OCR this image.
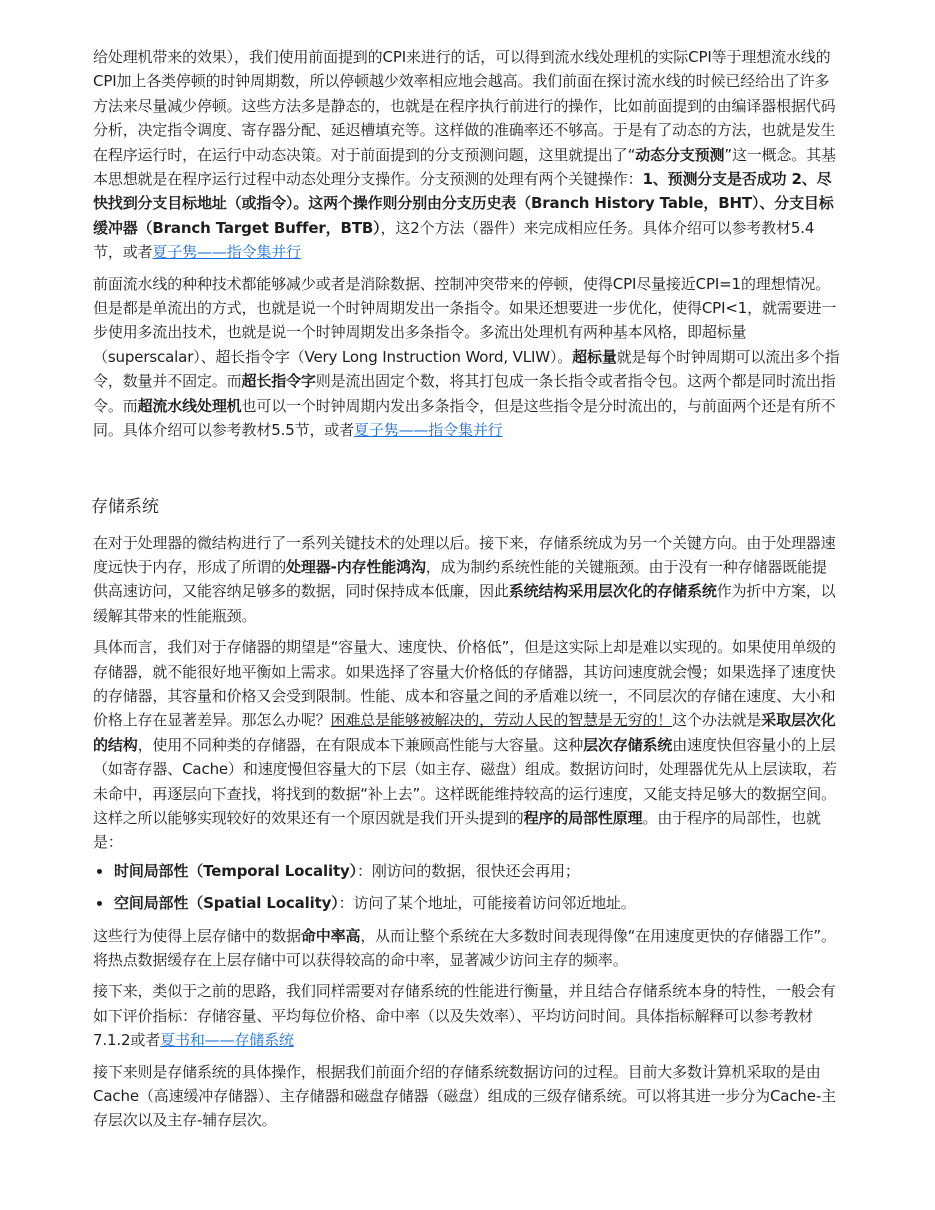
给处理机带来的效果），我们使用前面提到的CPI来进行的话，可以得到流水线处理机的实际CPI等于理想流水线的CPI加上各类停顿的时钟周期数，所以停顿越少效率相应地会越高。我们前面在探讨流水线的时候已经给出了许多方法来尽量减少停顿。这些方法多是静态的，也就是在程序执行前进行的操作，比如前面提到的由编译器根据代码分析，决定指令调度、寄存器分配、延迟槽填充等。这样做的准确率还不够高。于是有了动态的方法，也就是发生在程序运行时，在运行中动态决策。对于前面提到的分支预测问题，这里就提出了“动态分支预测”这一概念。其基本思想就是在程序运行过程中动态处理分支操作。分支预测的处理有两个关键操作：1、预测分支是否成功 2、尽快找到分支目标地址（或指令）。这两个操作则分别由分支历史表（Branch History Table，BHT）、分支目标缓冲器（Branch Target Buffer，BTB），这2个方法（器件）来完成相应任务。具体介绍可以参考教材5.4节，或者夏子隽——指令集并行

前面流水线的种种技术都能够减少或者是消除数据、控制冲突带来的停顿，使得CPI尽量接近CPI=1的理想情况。但是都是单流出的方式，也就是说一个时钟周期发出一条指令。如果还想要进一步优化，使得CPI<1，就需要进一步使用多流出技术，也就是说一个时钟周期发出多条指令。多流出处理机有两种基本风格，即超标量（superscalar）、超长指令字（Very Long Instruction Word, VLIW）。超标量就是每个时钟周期可以流出多个指令，数量并不固定。而超长指令字则是流出固定个数，将其打包成一条长指令或者指令包。这两个都是同时流出指令。而超流水线处理机也可以一个时钟周期内发出多条指令，但是这些指令是分时流出的，与前面两个还是有所不同。具体介绍可以参考教材5.5节，或者夏子隽——指令集并行

存储系统

在对于处理器的微结构进行了一系列关键技术的处理以后。接下来，存储系统成为另一个关键方向。由于处理器速度远快于内存，形成了所谓的处理器-内存性能鸿沟，成为制约系统性能的关键瓶颈。由于没有一种存储器既能提供高速访问，又能容纳足够多的数据，同时保持成本低廉，因此系统结构采用层次化的存储系统作为折中方案，以缓解其带来的性能瓶颈。

具体而言，我们对于存储器的期望是“容量大、速度快、价格低”，但是这实际上却是难以实现的。如果使用单级的存储器，就不能很好地平衡如上需求。如果选择了容量大价格低的存储器，其访问速度就会慢；如果选择了速度快的存储器，其容量和价格又会受到限制。性能、成本和容量之间的矛盾难以统一，不同层次的存储在速度、大小和价格上存在显著差异。那怎么办呢？困难总是能够被解决的，劳动人民的智慧是无穷的！这个办法就是采取层次化的结构，使用不同种类的存储器，在有限成本下兼顾高性能与大容量。这种层次存储系统由速度快但容量小的上层（如寄存器、Cache）和速度慢但容量大的下层（如主存、磁盘）组成。数据访问时，处理器优先从上层读取，若未命中，再逐层向下查找，将找到的数据“补上去”。这样既能维持较高的运行速度，又能支持足够大的数据空间。这样之所以能够实现较好的效果还有一个原因就是我们开头提到的程序的局部性原理。由于程序的局部性，也就是：

时间局部性（Temporal Locality）：刚访问的数据，很快还会再用；
空间局部性（Spatial Locality）：访问了某个地址，可能接着访问邻近地址。

这些行为使得上层存储中的数据命中率高，从而让整个系统在大多数时间表现得像“在用速度更快的存储器工作”。将热点数据缓存在上层存储中可以获得较高的命中率，显著减少访问主存的频率。

接下来，类似于之前的思路，我们同样需要对存储系统的性能进行衡量，并且结合存储系统本身的特性，一般会有如下评价指标：存储容量、平均每位价格、命中率（以及失效率）、平均访问时间。具体指标解释可以参考教材7.1.2或者夏书和——存储系统

接下来则是存储系统的具体操作，根据我们前面介绍的存储系统数据访问的过程。目前大多数计算机采取的是由Cache（高速缓冲存储器）、主存储器和磁盘存储器（磁盘）组成的三级存储系统。可以将其进一步分为Cache-主存层次以及主存-辅存层次。
